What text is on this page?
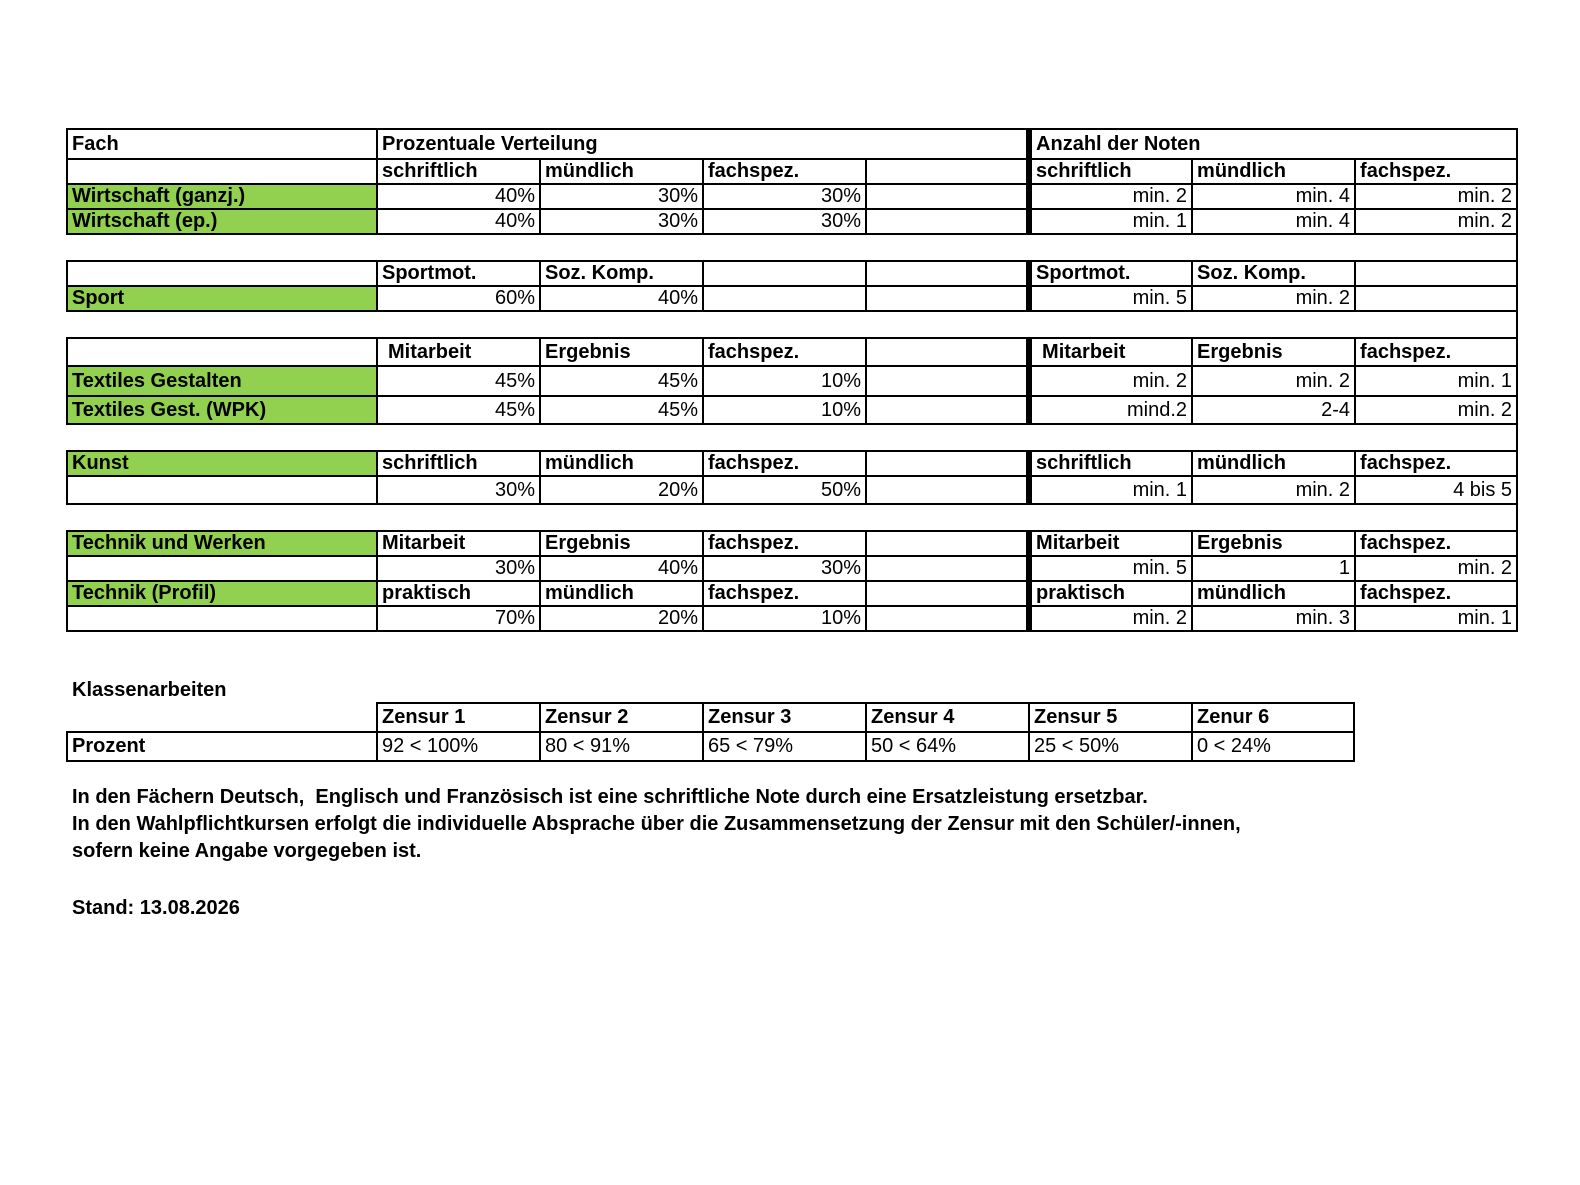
Fach	Prozentuale Verteilung				Anzahl der Noten		
	schriftlich	mündlich	fachspez.		schriftlich	mündlich	fachspez.
Wirtschaft (ganzj.)	40%	30%	30%		min. 2	min. 4	min. 2
Wirtschaft (ep.)	40%	30%	30%		min. 1	min. 4	min. 2

	Sportmot.	Soz. Komp.			Sportmot.	Soz. Komp.	
Sport	60%	40%			min. 5	min. 2	

	Mitarbeit	Ergebnis	fachspez.		Mitarbeit	Ergebnis	fachspez.
Textiles Gestalten	45%	45%	10%		min. 2	min. 2	min. 1
Textiles Gest. (WPK)	45%	45%	10%		mind.2	2-4	min. 2

Kunst	schriftlich	mündlich	fachspez.		schriftlich	mündlich	fachspez.
	30%	20%	50%		min. 1	min. 2	4 bis 5

Technik und Werken	Mitarbeit	Ergebnis	fachspez.		Mitarbeit	Ergebnis	fachspez.
	30%	40%	30%		min. 5	1	min. 2
Technik (Profil)	praktisch	mündlich	fachspez.		praktisch	mündlich	fachspez.
	70%	20%	10%		min. 2	min. 3	min. 1
Klassenarbeiten
	Zensur 1	Zensur 2	Zensur 3	Zensur 4	Zensur 5	Zenur 6
Prozent	92 < 100%	80 < 91%	65 < 79%	50 < 64%	25 < 50%	0 < 24%
In den Fächern Deutsch,  Englisch und Französisch ist eine schriftliche Note durch eine Ersatzleistung ersetzbar.
In den Wahlpflichtkursen erfolgt die individuelle Absprache über die Zusammensetzung der Zensur mit den Schüler/-innen,
sofern keine Angabe vorgegeben ist.
Stand: 13.08.2026
